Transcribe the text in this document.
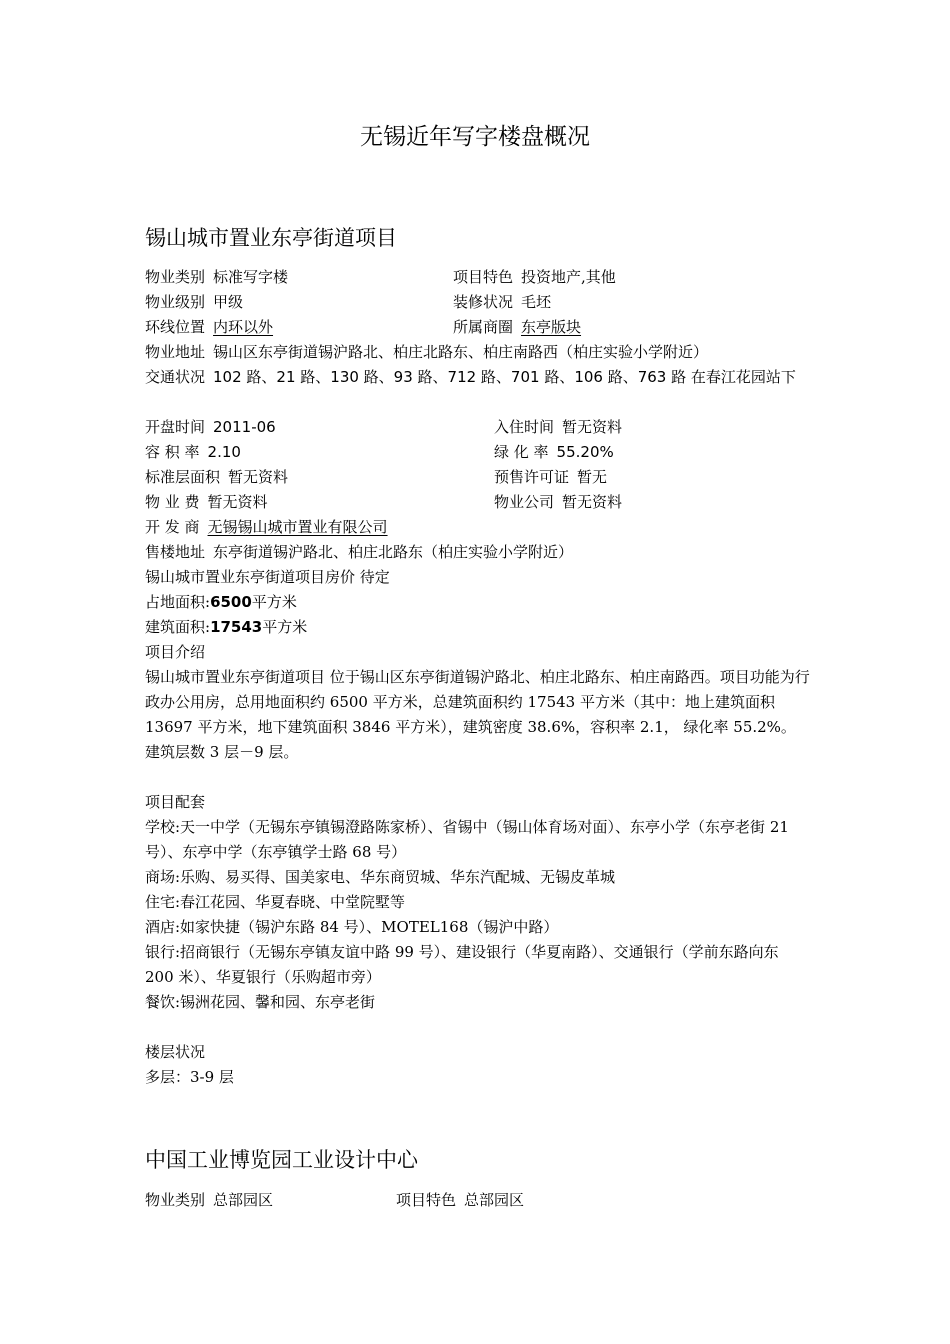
无锡近年写字楼盘概况
锡山城市置业东亭街道项目
物业类别 标准写字楼	项目特色 投资地产,其他
物业级别 甲级	装修状况 毛坯
环线位置 内环以外	所属商圈 东亭版块
物业地址 锡山区东亭街道锡沪路北、柏庄北路东、柏庄南路西（柏庄实验小学附近）
交通状况 102 路、21 路、130 路、93 路、712 路、701 路、106 路、763 路 在春江花园站下
开盘时间 2011-06	入住时间 暂无资料
容 积 率 2.10	绿 化 率 55.20%
标准层面积 暂无资料	预售许可证 暂无
物 业 费 暂无资料	物业公司 暂无资料
开 发 商 无锡锡山城市置业有限公司
售楼地址 东亭街道锡沪路北、柏庄北路东（柏庄实验小学附近）
锡山城市置业东亭街道项目房价 待定
占地面积:6500平方米
建筑面积:17543平方米
项目介绍
锡山城市置业东亭街道项目 位于锡山区东亭街道锡沪路北、柏庄北路东、柏庄南路西。项目功能为行政办公用房，总用地面积约 6500 平方米，总建筑面积约 17543 平方米（其中：地上建筑面积 13697 平方米，地下建筑面积 3846 平方米），建筑密度 38.6%，容积率 2.1， 绿化率 55.2%。建筑层数 3 层－9 层。
项目配套
学校:天一中学（无锡东亭镇锡澄路陈家桥）、省锡中（锡山体育场对面）、东亭小学（东亭老街 21 号）、东亭中学（东亭镇学士路 68 号）
商场:乐购、易买得、国美家电、华东商贸城、华东汽配城、无锡皮革城
住宅:春江花园、华夏春晓、中堂院墅等
酒店:如家快捷（锡沪东路 84 号）、MOTEL168（锡沪中路）
银行:招商银行（无锡东亭镇友谊中路 99 号）、建设银行（华夏南路）、交通银行（学前东路向东 200 米）、华夏银行（乐购超市旁）
餐饮:锡洲花园、馨和园、东亭老街
楼层状况
多层：3-9 层
中国工业博览园工业设计中心
物业类别 总部园区	项目特色 总部园区
